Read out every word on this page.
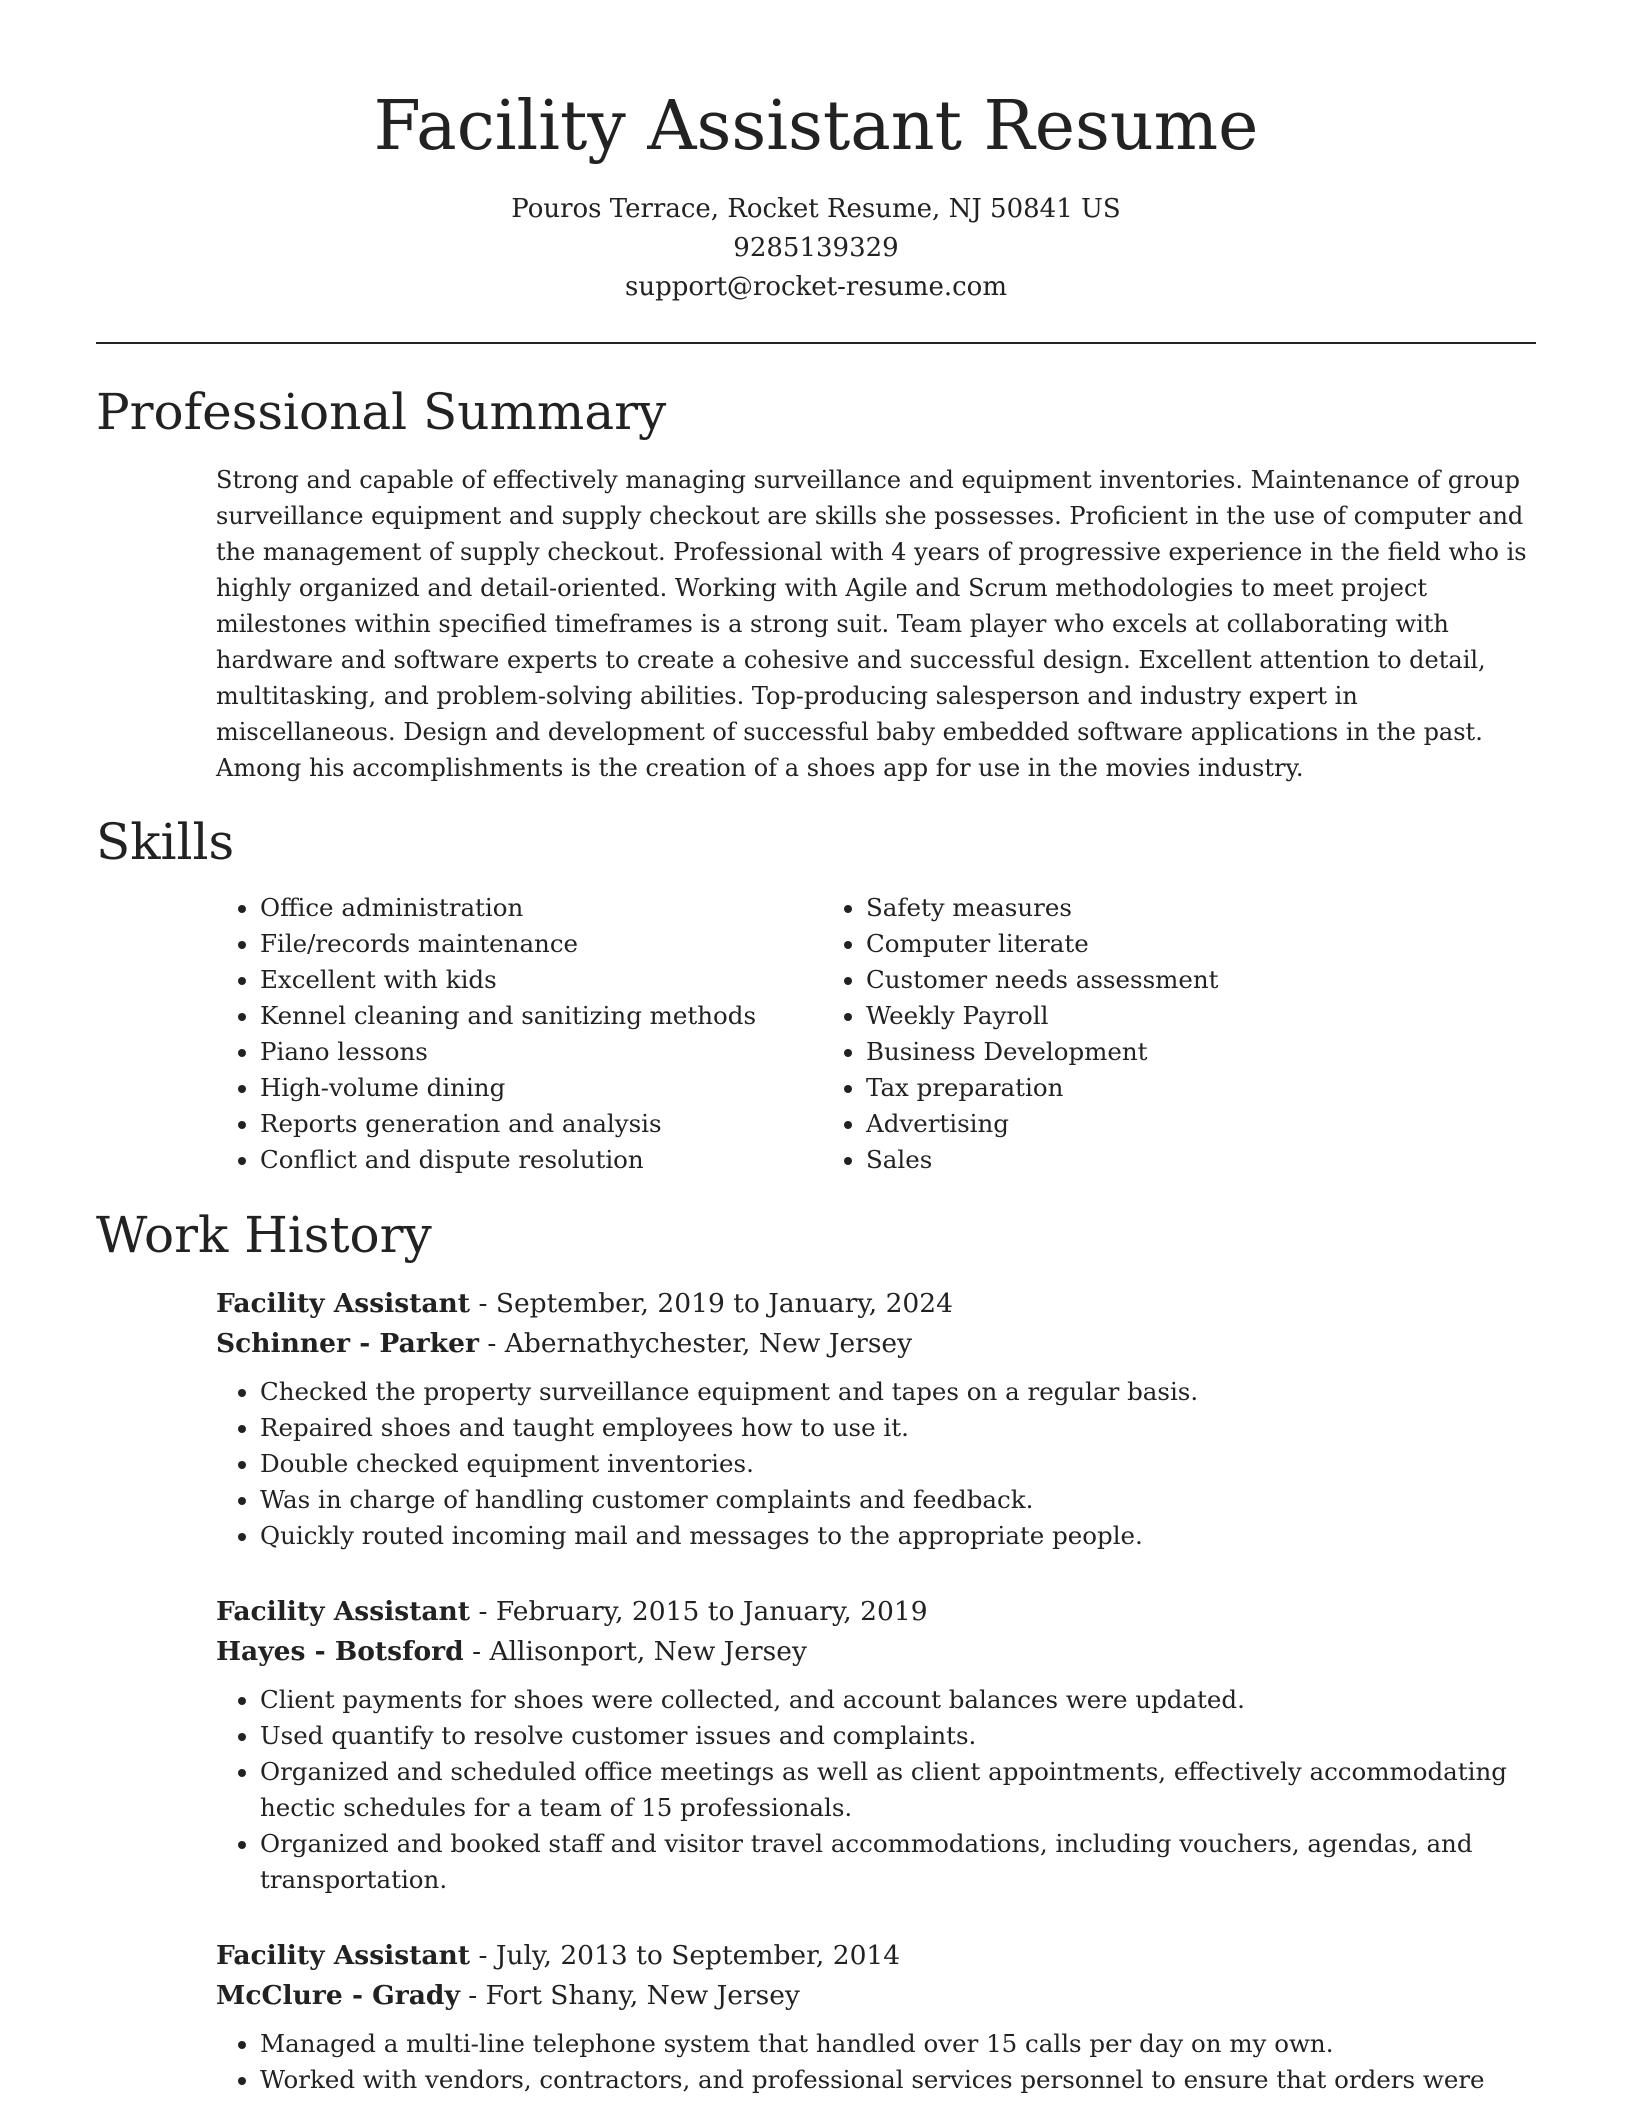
Facility Assistant Resume
Pouros Terrace, Rocket Resume, NJ 50841 US
9285139329
support@rocket-resume.com
Professional Summary

Strong and capable of effectively managing surveillance and equipment inventories. Maintenance of group surveillance equipment and supply checkout are skills she possesses. Proficient in the use of computer and the management of supply checkout. Professional with 4 years of progressive experience in the field who is highly organized and detail-oriented. Working with Agile and Scrum methodologies to meet project milestones within specified timeframes is a strong suit. Team player who excels at collaborating with hardware and software experts to create a cohesive and successful design. Excellent attention to detail, multitasking, and problem-solving abilities. Top-producing salesperson and industry expert in miscellaneous. Design and development of successful baby embedded software applications in the past. Among his accomplishments is the creation of a shoes app for use in the movies industry.

Skills
• Office administration
• File/records maintenance
• Excellent with kids
• Kennel cleaning and sanitizing methods
• Piano lessons
• High-volume dining
• Reports generation and analysis
• Conflict and dispute resolution
• Safety measures
• Computer literate
• Customer needs assessment
• Weekly Payroll
• Business Development
• Tax preparation
• Advertising
• Sales
Work History

Facility Assistant - September, 2019 to January, 2024

Schinner - Parker - Abernathychester, New Jersey

• Checked the property surveillance equipment and tapes on a regular basis.
• Repaired shoes and taught employees how to use it.
• Double checked equipment inventories.
• Was in charge of handling customer complaints and feedback.
• Quickly routed incoming mail and messages to the appropriate people.

Facility Assistant - February, 2015 to January, 2019

Hayes - Botsford - Allisonport, New Jersey

• Client payments for shoes were collected, and account balances were updated.
• Used quantify to resolve customer issues and complaints.
• Organized and scheduled office meetings as well as client appointments, effectively accommodating hectic schedules for a team of 15 professionals.
• Organized and booked staff and visitor travel accommodations, including vouchers, agendas, and transportation.

Facility Assistant - July, 2013 to September, 2014

McClure - Grady - Fort Shany, New Jersey

• Managed a multi-line telephone system that handled over 15 calls per day on my own.
• Worked with vendors, contractors, and professional services personnel to ensure that orders were
